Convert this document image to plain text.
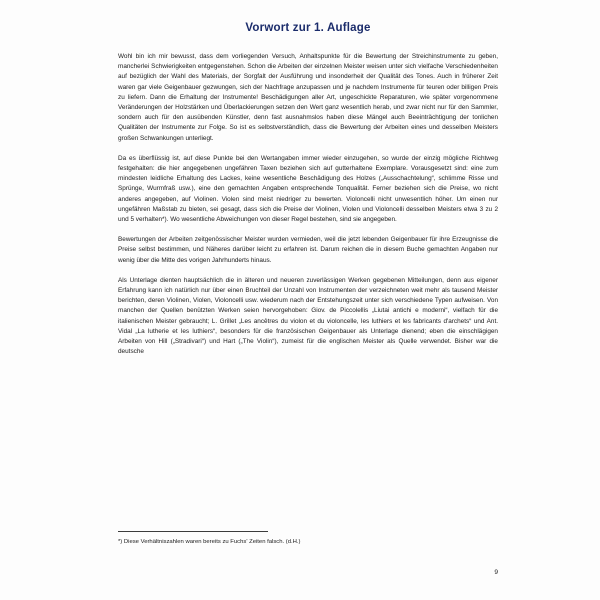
Vorwort zur 1. Auflage

Wohl bin ich mir bewusst, dass dem vorliegenden Versuch, Anhaltspunkte für die Bewertung der Streichinstrumente zu geben, mancherlei Schwierigkeiten entgegenstehen. Schon die Arbeiten der einzelnen Meister weisen unter sich vielfache Verschiedenheiten auf bezüglich der Wahl des Materials, der Sorgfalt der Ausführung und insonderheit der Qualität des Tones. Auch in früherer Zeit waren gar viele Geigenbauer gezwungen, sich der Nachfrage anzupassen und je nachdem Instrumente für teuren oder billigen Preis zu liefern. Dann die Erhaltung der Instrumente! Beschädigungen aller Art, ungeschickte Reparaturen, wie später vorgenommene Veränderungen der Holzstärken und Überlackierungen setzen den Wert ganz wesentlich herab, und zwar nicht nur für den Sammler, sondern auch für den ausübenden Künstler, denn fast ausnahmslos haben diese Mängel auch Beeinträchtigung der tonlichen Qualitäten der Instrumente zur Folge. So ist es selbstverständlich, dass die Bewertung der Arbeiten eines und desselben Meisters großen Schwankungen unterliegt.

Da es überflüssig ist, auf diese Punkte bei den Wertangaben immer wieder einzugehen, so wurde der einzig mögliche Richtweg festgehalten: die hier angegebenen ungefähren Taxen beziehen sich auf gutterhaltene Exemplare. Vorausgesetzt sind: eine zum mindesten leidliche Erhaltung des Lackes, keine wesentliche Beschädigung des Holzes („Ausschachtelung“, schlimme Risse und Sprünge, Wurmfraß usw.), eine den gemachten Angaben entsprechende Tonqualität. Ferner beziehen sich die Preise, wo nicht anderes angegeben, auf Violinen. Violen sind meist niedriger zu bewerten. Violoncelli nicht unwesentlich höher. Um einen nur ungefähren Maßstab zu bieten, sei gesagt, dass sich die Preise der Violinen, Violen und Violoncelli desselben Meisters etwa 3 zu 2 und 5 verhalten*). Wo wesentliche Abweichungen von dieser Regel bestehen, sind sie angegeben.

Bewertungen der Arbeiten zeitgenössischer Meister wurden vermieden, weil die jetzt lebenden Geigenbauer für ihre Erzeugnisse die Preise selbst bestimmen, und Näheres darüber leicht zu erfahren ist. Darum reichen die in diesem Buche gemachten Angaben nur wenig über die Mitte des vorigen Jahrhunderts hinaus.

Als Unterlage dienten hauptsächlich die in älteren und neueren zuverlässigen Werken gegebenen Mitteilungen, denn aus eigener Erfahrung kann ich natürlich nur über einen Bruchteil der Unzahl von Instrumenten der verzeichneten weit mehr als tausend Meister berichten, deren Violinen, Violen, Violoncelli usw. wiederum nach der Entstehungszeit unter sich verschiedene Typen aufweisen. Von manchen der Quellen benützten Werken seien hervorgehoben: Giov. de Piccolellis „Liutai antichi e moderni“, vielfach für die italienischen Meister gebraucht; L. Grillet „Les ancêtres du violon et du violoncelle, les luthiers et les fabricants d'archets“ und Ant. Vidal „La lutherie et les luthiers“, besonders für die französischen Geigenbauer als Unterlage dienend; eben die einschlägigen Arbeiten von Hill („Stradivari“) und Hart („The Violin“), zumeist für die englischen Meister als Quelle verwendet. Bisher war die deutsche

*) Diese Verhältniszahlen waren bereits zu Fuchs' Zeiten falsch. (d.H.)

9
